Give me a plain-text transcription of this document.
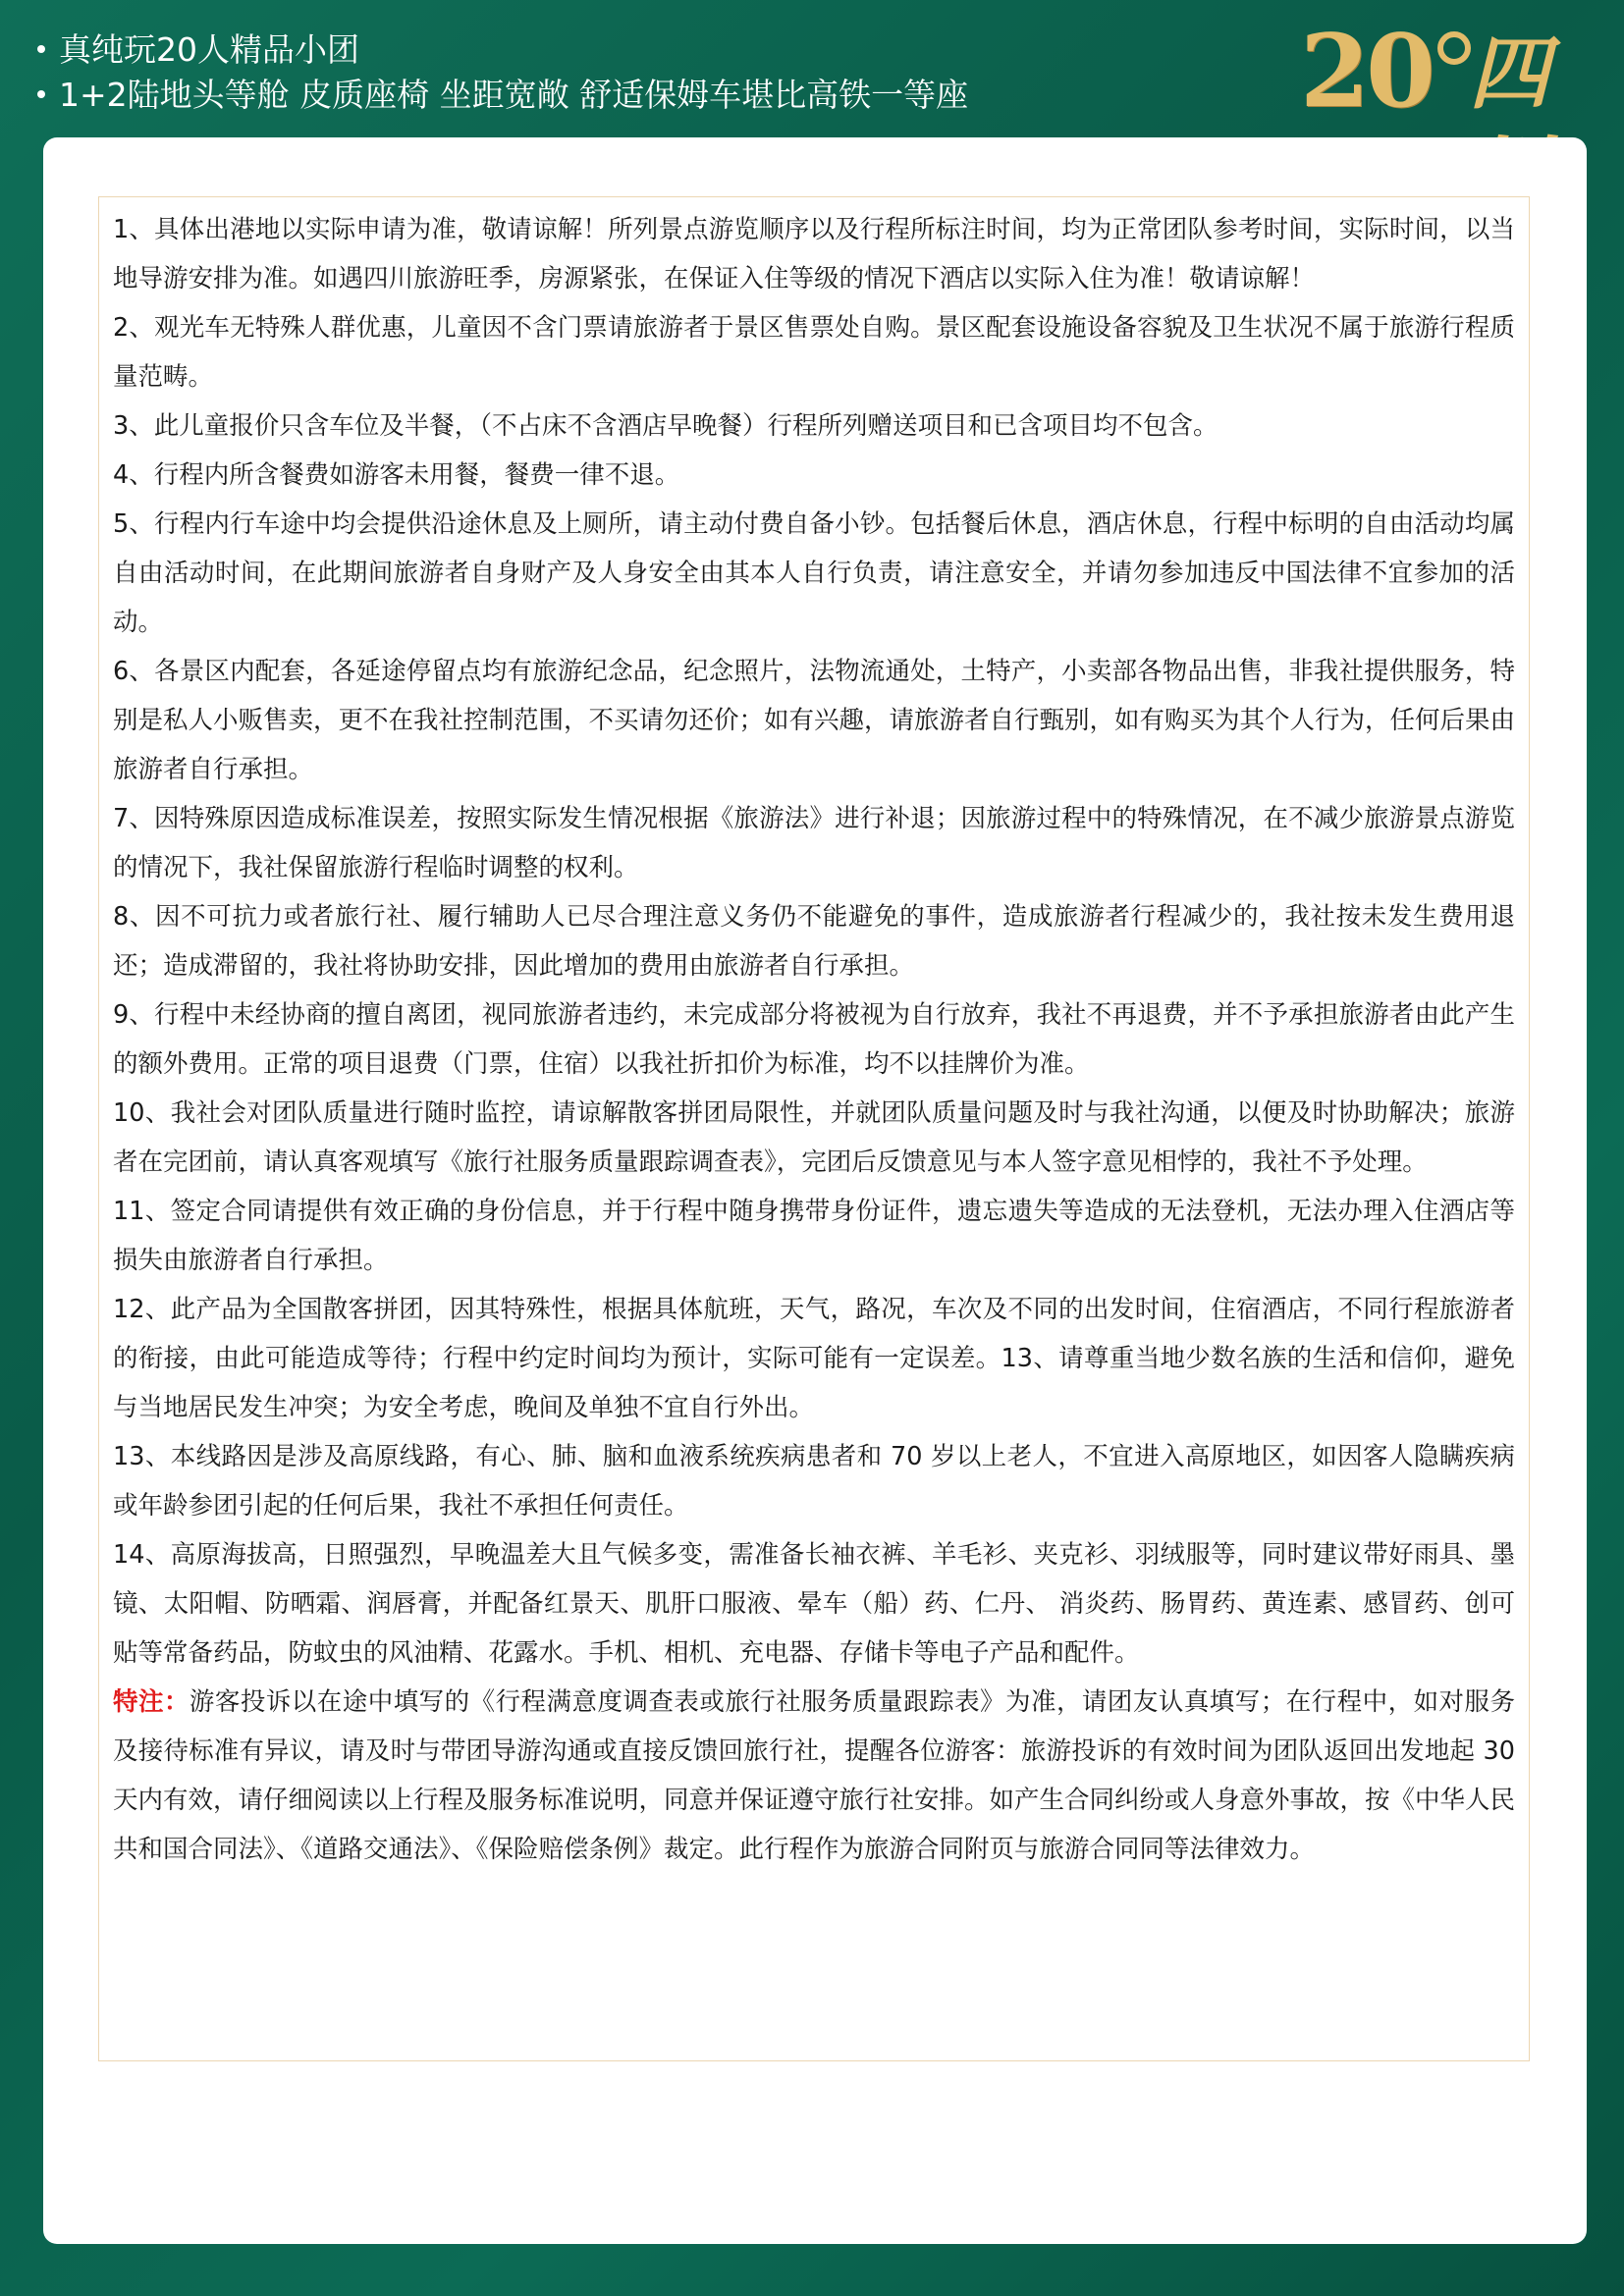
真纯玩20人精品小团
1+2陆地头等舱 皮质座椅 坐距宽敞 舒适保姆车堪比高铁一等座	20 四

1、具体出港地以实际申请为准，敬请谅解！所列景点游览顺序以及行程所标注时间，均为正常团队参考时间，实际时间，以当地导游安排为准。如遇四川旅游旺季，房源紧张，在保证入住等级的情况下酒店以实际入住为准！敬请谅解！

2、观光车无特殊人群优惠，儿童因不含门票请旅游者于景区售票处自购。景区配套设施设备容貌及卫生状况不属于旅游行程质量范畴。

3、此儿童报价只含车位及半餐，（不占床不含酒店早晚餐）行程所列赠送项目和已含项目均不包含。

4、行程内所含餐费如游客未用餐，餐费一律不退。

5、行程内行车途中均会提供沿途休息及上厕所，请主动付费自备小钞。包括餐后休息，酒店休息，行程中标明的自由活动均属自由活动时间，在此期间旅游者自身财产及人身安全由其本人自行负责，请注意安全，并请勿参加违反中国法律不宜参加的活动。

6、各景区内配套，各延途停留点均有旅游纪念品，纪念照片，法物流通处，土特产，小卖部各物品出售，非我社提供服务，特别是私人小贩售卖，更不在我社控制范围，不买请勿还价；如有兴趣，请旅游者自行甄别，如有购买为其个人行为，任何后果由旅游者自行承担。

7、因特殊原因造成标准误差，按照实际发生情况根据《旅游法》进行补退；因旅游过程中的特殊情况，在不减少旅游景点游览的情况下，我社保留旅游行程临时调整的权利。

8、因不可抗力或者旅行社、履行辅助人已尽合理注意义务仍不能避免的事件，造成旅游者行程减少的，我社按未发生费用退还；造成滞留的，我社将协助安排，因此增加的费用由旅游者自行承担。

9、行程中未经协商的擅自离团，视同旅游者违约，未完成部分将被视为自行放弃，我社不再退费，并不予承担旅游者由此产生的额外费用。正常的项目退费（门票，住宿）以我社折扣价为标准，均不以挂牌价为准。

10、我社会对团队质量进行随时监控，请谅解散客拼团局限性，并就团队质量问题及时与我社沟通，以便及时协助解决；旅游者在完团前，请认真客观填写《旅行社服务质量跟踪调查表》，完团后反馈意见与本人签字意见相悖的，我社不予处理。

11、签定合同请提供有效正确的身份信息，并于行程中随身携带身份证件，遗忘遗失等造成的无法登机，无法办理入住酒店等损失由旅游者自行承担。

12、此产品为全国散客拼团，因其特殊性，根据具体航班，天气，路况，车次及不同的出发时间，住宿酒店，不同行程旅游者的衔接，由此可能造成等待；行程中约定时间均为预计，实际可能有一定误差。13、请尊重当地少数名族的生活和信仰，避免与当地居民发生冲突；为安全考虑，晚间及单独不宜自行外出。

13、本线路因是涉及高原线路，有心、肺、脑和血液系统疾病患者和 70 岁以上老人，不宜进入高原地区，如因客人隐瞒疾病或年龄参团引起的任何后果，我社不承担任何责任。

14、高原海拔高，日照强烈，早晚温差大且气候多变，需准备长袖衣裤、羊毛衫、夹克衫、羽绒服等，同时建议带好雨具、墨镜、太阳帽、防晒霜、润唇膏，并配备红景天、肌肝口服液、晕车（船）药、仁丹、 消炎药、肠胃药、黄连素、感冒药、创可贴等常备药品，防蚊虫的风油精、花露水。手机、相机、充电器、存储卡等电子产品和配件。

特注：游客投诉以在途中填写的《行程满意度调查表或旅行社服务质量跟踪表》为准，请团友认真填写；在行程中，如对服务及接待标准有异议，请及时与带团导游沟通或直接反馈回旅行社，提醒各位游客：旅游投诉的有效时间为团队返回出发地起 30 天内有效，请仔细阅读以上行程及服务标准说明，同意并保证遵守旅行社安排。如产生合同纠纷或人身意外事故，按《中华人民共和国合同法》、《道路交通法》、《保险赔偿条例》裁定。此行程作为旅游合同附页与旅游合同同等法律效力。
